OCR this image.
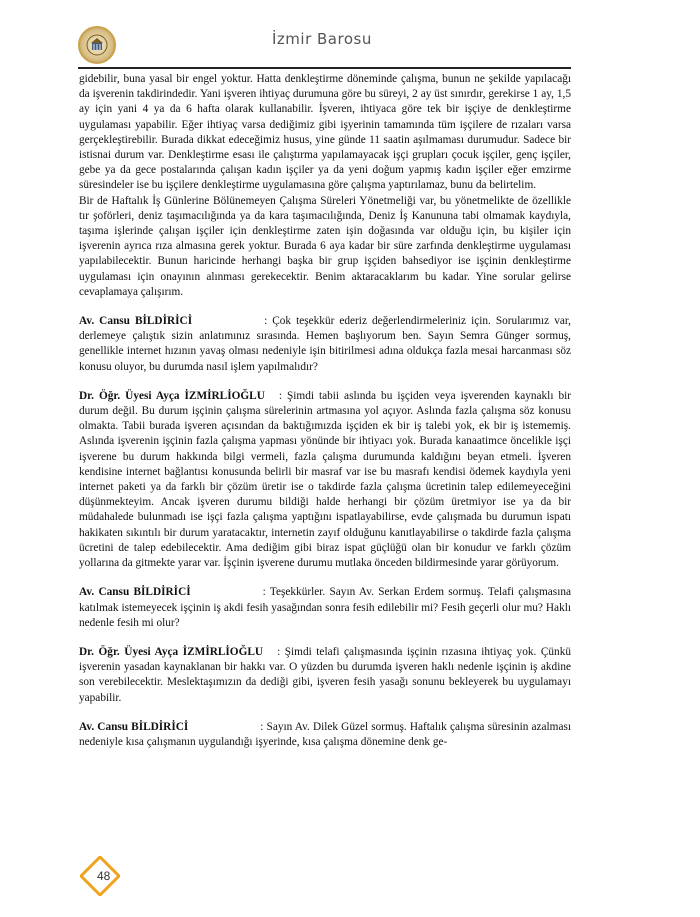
İzmir Barosu

gidebilir, buna yasal bir engel yoktur. Hatta denkleştirme döneminde çalışma, bunun ne şekilde yapılacağı da işverenin takdirindedir. Yani işveren ihtiyaç durumuna göre bu süreyi, 2 ay üst sınırdır, gerekirse 1 ay, 1,5 ay için yani 4 ya da 6 hafta olarak kullanabilir. İşveren, ihtiyaca göre tek bir işçiye de denkleştirme uygulaması yapabilir. Eğer ihtiyaç varsa dediğimiz gibi işyerinin tamamında tüm işçilere de rızaları varsa gerçekleştirebilir. Burada dikkat edeceğimiz husus, yine günde 11 saatin aşılmaması durumudur. Sadece bir istisnai durum var. Denkleştirme esası ile çalıştırma yapılamayacak işçi grupları çocuk işçiler, genç işçiler, gebe ya da gece postalarında çalışan kadın işçiler ya da yeni doğum yapmış kadın işçiler eğer emzirme süresindeler ise bu işçilere denkleştirme uygulamasına göre çalışma yaptırılamaz, bunu da belirtelim.

Bir de Haftalık İş Günlerine Bölünemeyen Çalışma Süreleri Yönetmeliği var, bu yönetmelikte de özellikle tır şoförleri, deniz taşımacılığında ya da kara taşımacılığında, Deniz İş Kanununa tabi olmamak kaydıyla, taşıma işlerinde çalışan işçiler için denkleştirme zaten işin doğasında var olduğu için, bu kişiler için işverenin ayrıca rıza almasına gerek yoktur. Burada 6 aya kadar bir süre zarfında denkleştirme uygulaması yapılabilecektir. Bunun haricinde herhangi başka bir grup işçiden bahsediyor ise işçinin denkleştirme uygulaması için onayının alınması gerekecektir. Benim aktaracaklarım bu kadar. Yine sorular gelirse cevaplamaya çalışırım.

Av. Cansu BİLDİRİCİ	: Çok teşekkür ederiz değerlendirmeleriniz için. Sorularımız var, derlemeye çalıştık sizin anlatımınız sırasında. Hemen başlıyorum ben. Sayın Semra Günger sormuş, genellikle internet hızının yavaş olması nedeniyle işin bitirilmesi adına oldukça fazla mesai harcanması söz konusu oluyor, bu durumda nasıl işlem yapılmalıdır?

Dr. Öğr. Üyesi Ayça İZMİRLİOĞLU : Şimdi tabii aslında bu işçiden veya işverenden kaynaklı bir durum değil. Bu durum işçinin çalışma sürelerinin artmasına yol açıyor. Aslında fazla çalışma söz konusu olmakta. Tabii burada işveren açısından da baktığımızda işçiden ek bir iş talebi yok, ek bir iş istememiş. Aslında işverenin işçinin fazla çalışma yapması yönünde bir ihtiyacı yok. Burada kanaatimce öncelikle işçi işverene bu durum hakkında bilgi vermeli, fazla çalışma durumunda kaldığını beyan etmeli. İşveren kendisine internet bağlantısı konusunda belirli bir masraf var ise bu masrafı kendisi ödemek kaydıyla yeni internet paketi ya da farklı bir çözüm üretir ise o takdirde fazla çalışma ücretinin talep edilemeyeceğini düşünmekteyim. Ancak işveren durumu bildiği halde herhangi bir çözüm üretmiyor ise ya da bir müdahalede bulunmadı ise işçi fazla çalışma yaptığını ispatlayabilirse, evde çalışmada bu durumun ispatı hakikaten sıkıntılı bir durum yaratacaktır, internetin zayıf olduğunu kanıtlayabilirse o takdirde fazla çalışma ücretini de talep edebilecektir. Ama dediğim gibi biraz ispat güçlüğü olan bir konudur ve farklı çözüm yollarına da gitmekte yarar var. İşçinin işverene durumu mutlaka önceden bildirmesinde yarar görüyorum.

Av. Cansu BİLDİRİCİ	: Teşekkürler. Sayın Av. Serkan Erdem sormuş. Telafi çalışmasına katılmak istemeyecek işçinin iş akdi fesih yasağından sonra fesih edilebilir mi? Fesih geçerli olur mu? Haklı nedenle fesih mi olur?

Dr. Öğr. Üyesi Ayça İZMİRLİOĞLU : Şimdi telafi çalışmasında işçinin rızasına ihtiyaç yok. Çünkü işverenin yasadan kaynaklanan bir hakkı var. O yüzden bu durumda işveren haklı nedenle işçinin iş akdine son verebilecektir. Meslektaşımızın da dediği gibi, işveren fesih yasağı sonunu bekleyerek bu uygulamayı yapabilir.

Av. Cansu BİLDİRİCİ	: Sayın Av. Dilek Güzel sormuş. Haftalık çalışma süresinin azalması nedeniyle kısa çalışmanın uygulandığı işyerinde, kısa çalışma dönemine denk ge-

48
